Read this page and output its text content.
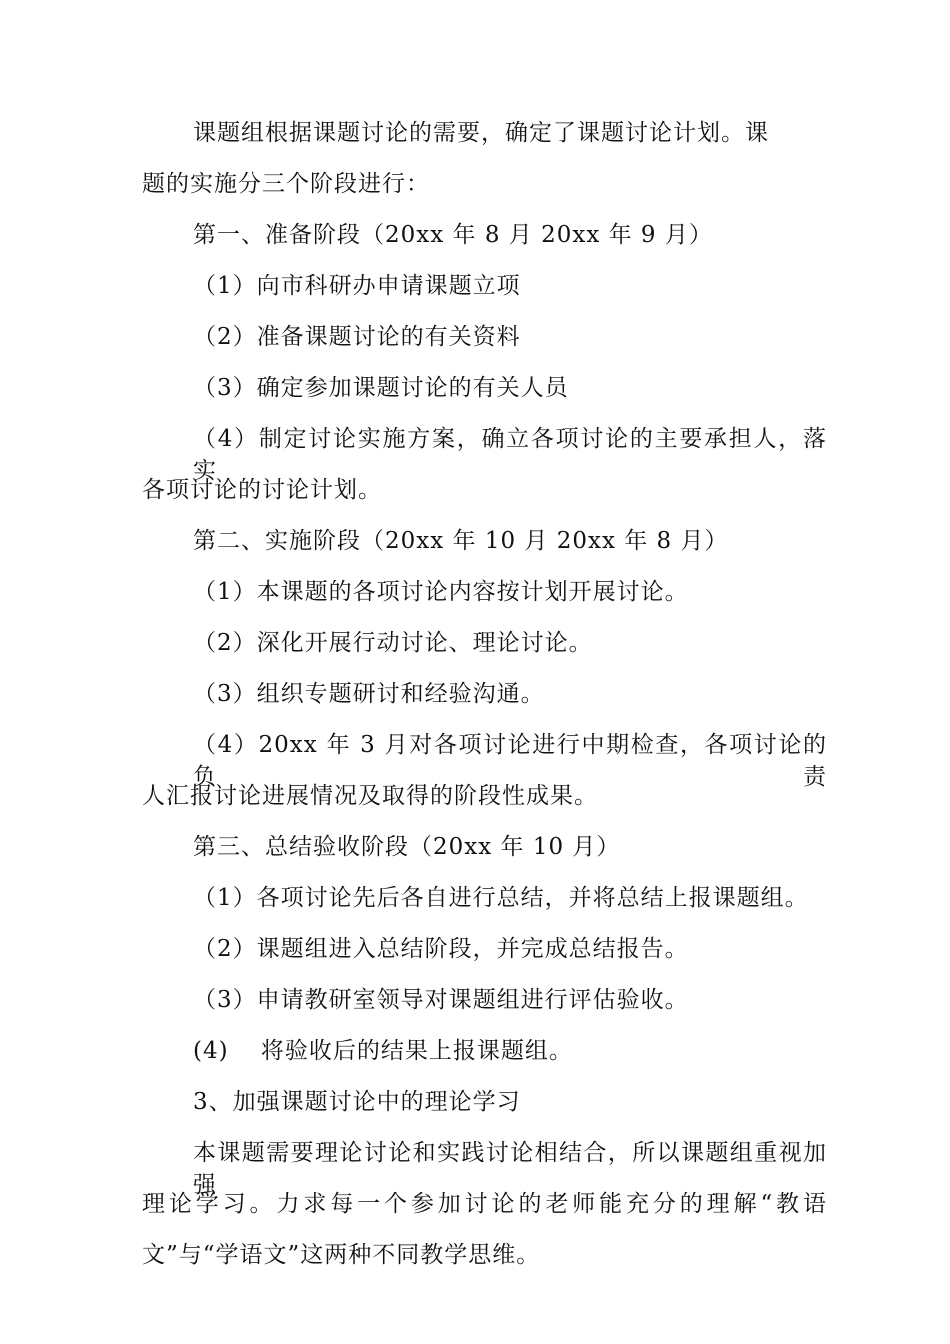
课题组根据课题讨论的需要，确定了课题讨论计划。课
题的实施分三个阶段进行：
第一、准备阶段（20xx 年 8 月 20xx 年 9 月）
（1）向市科研办申请课题立项
（2）准备课题讨论的有关资料
（3）确定参加课题讨论的有关人员
（4）制定讨论实施方案，确立各项讨论的主要承担人，落实
各项讨论的讨论计划。
第二、实施阶段（20xx 年 10 月 20xx 年 8 月）
（1）本课题的各项讨论内容按计划开展讨论。
（2）深化开展行动讨论、理论讨论。
（3）组织专题研讨和经验沟通。
（4）20xx 年 3 月对各项讨论进行中期检查，各项讨论的负责
人汇报讨论进展情况及取得的阶段性成果。
第三、总结验收阶段（20xx 年 10 月）
（1）各项讨论先后各自进行总结，并将总结上报课题组。
（2）课题组进入总结阶段，并完成总结报告。
（3）申请教研室领导对课题组进行评估验收。
(4)　 将验收后的结果上报课题组。
3、加强课题讨论中的理论学习
本课题需要理论讨论和实践讨论相结合，所以课题组重视加强
理论学习。力求每一个参加讨论的老师能充分的理解“教语
文”与“学语文”这两种不同教学思维。
